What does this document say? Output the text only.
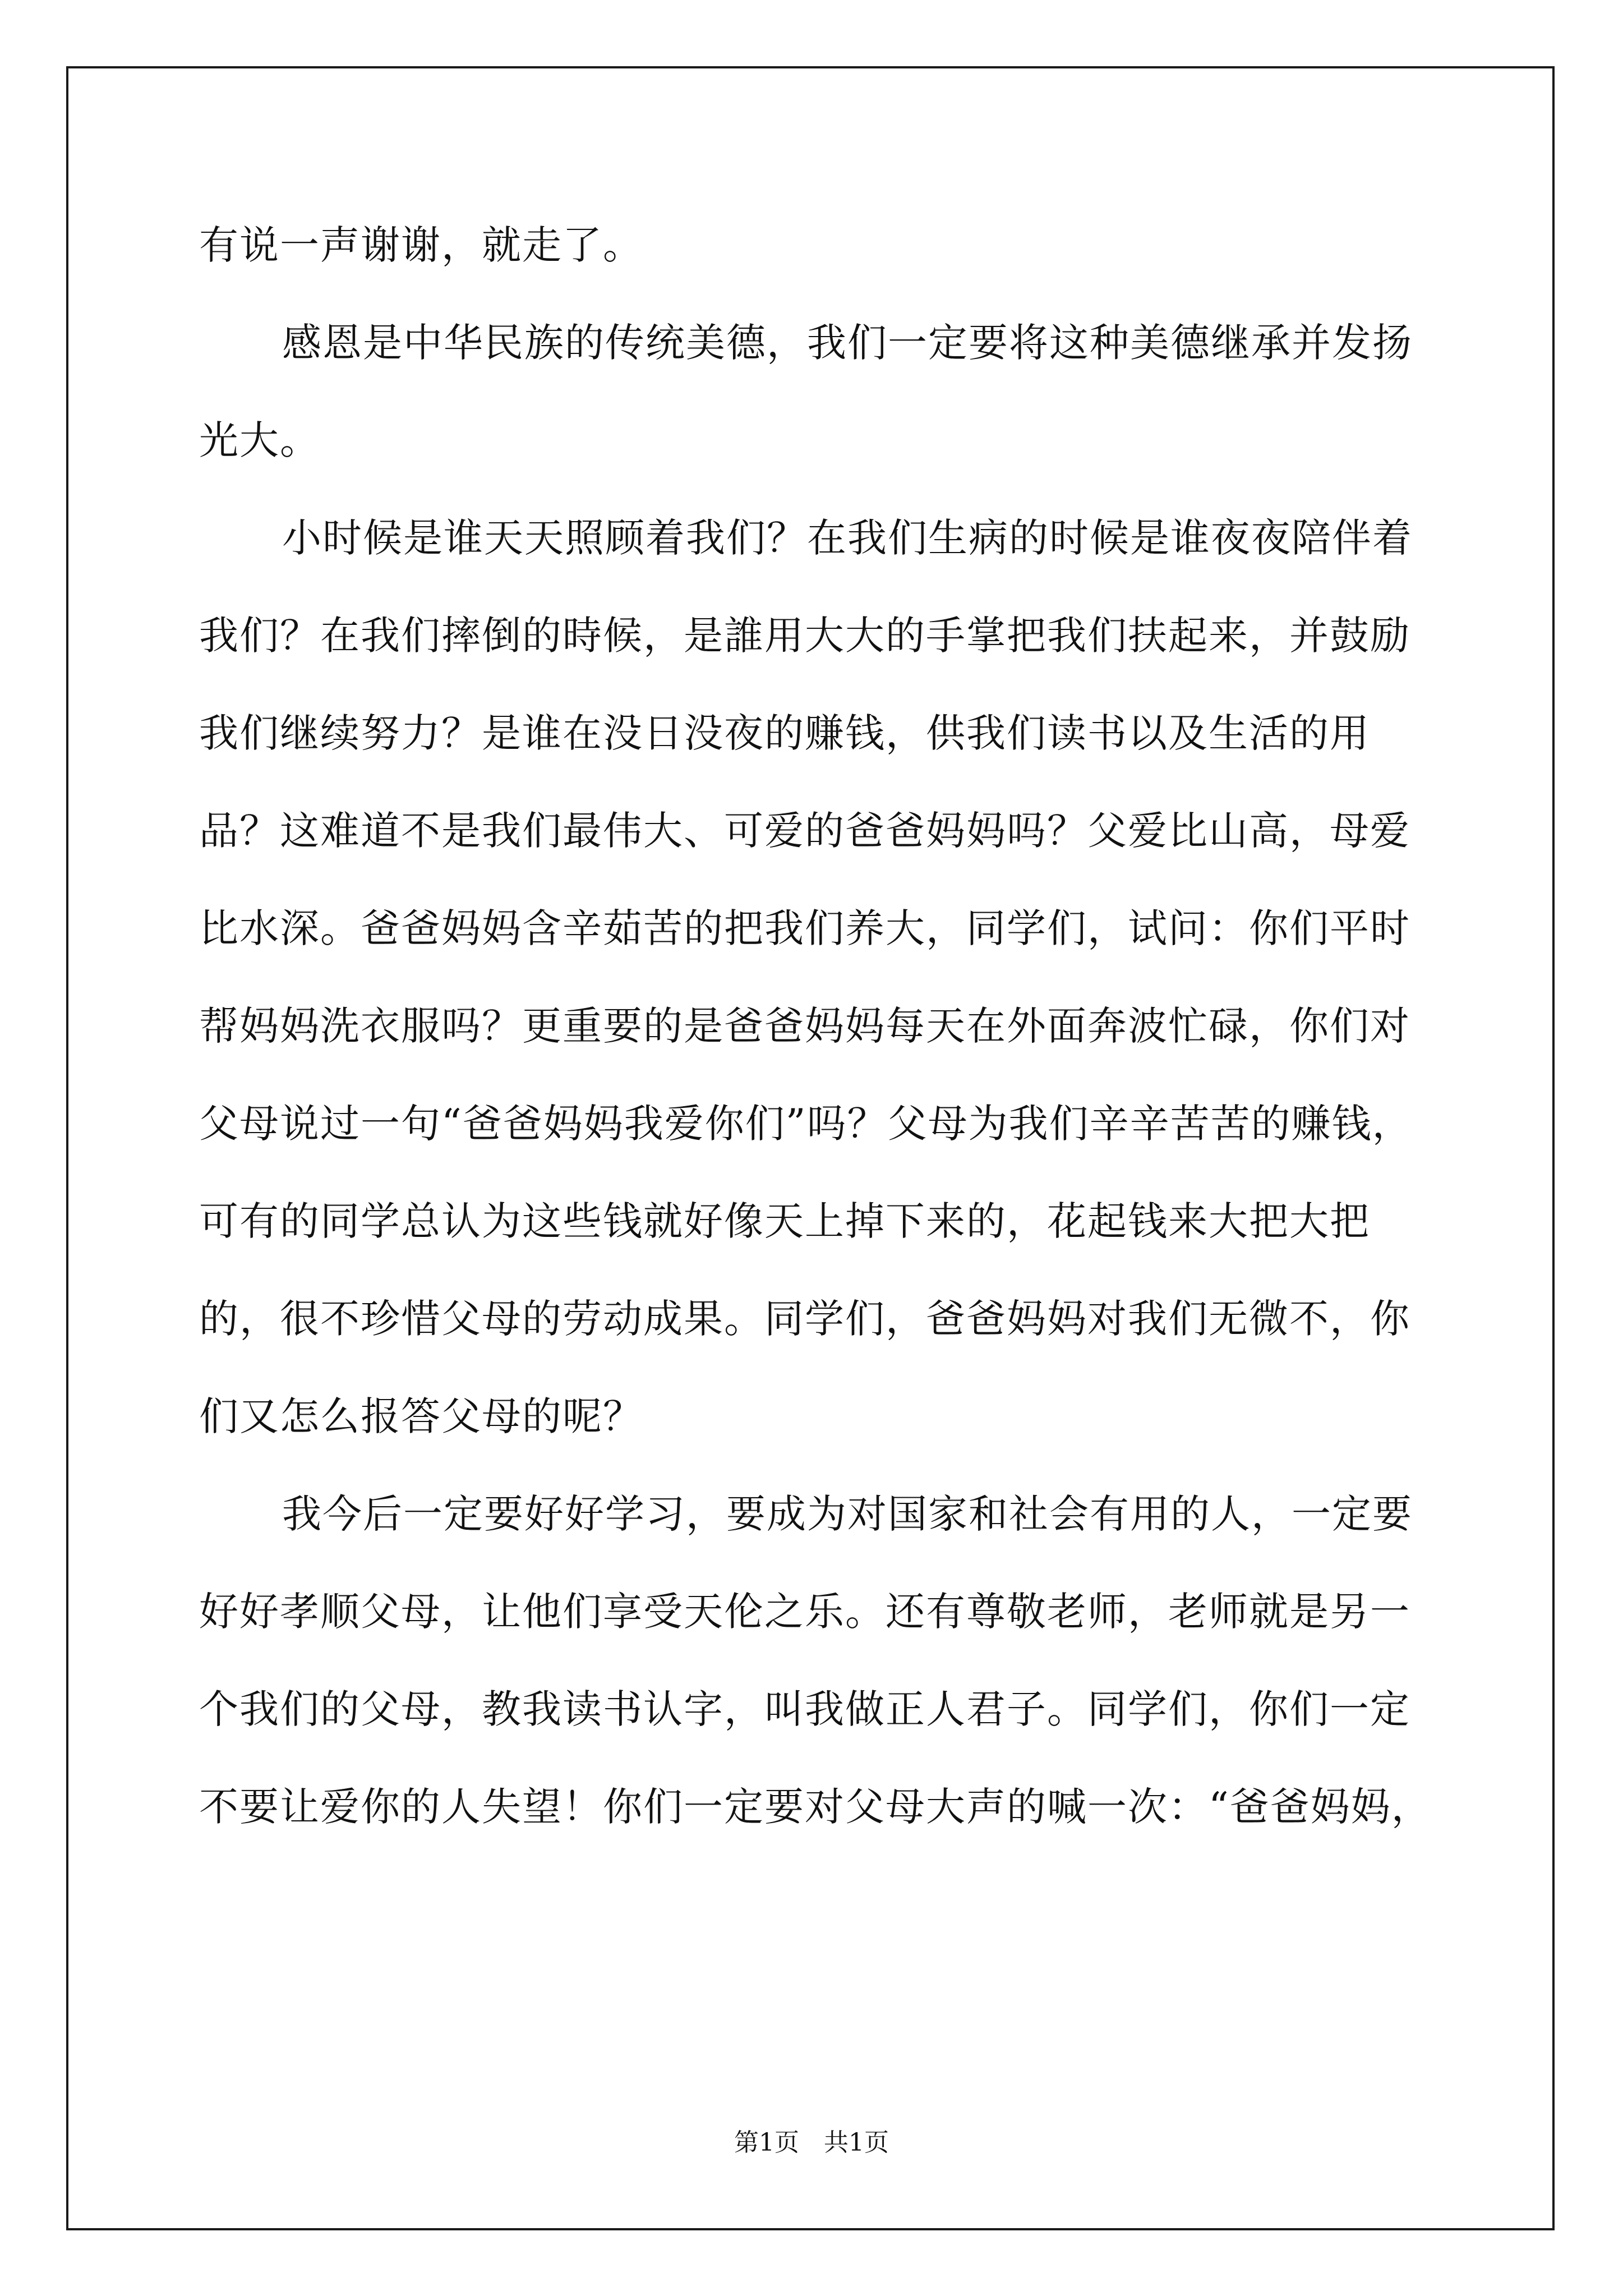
有说一声谢谢，就走了。

感恩是中华民族的传统美德，我们一定要将这种美德继承并发扬光大。

小时候是谁天天照顾着我们？在我们生病的时候是谁夜夜陪伴着我们？在我们摔倒的時候，是誰用大大的手掌把我们扶起来，并鼓励我们继续努力？是谁在没日没夜的赚钱，供我们读书以及生活的用品？这难道不是我们最伟大、可爱的爸爸妈妈吗？父爱比山高，母爱比水深。爸爸妈妈含辛茹苦的把我们养大，同学们，试问：你们平时帮妈妈洗衣服吗？更重要的是爸爸妈妈每天在外面奔波忙碌，你们对父母说过一句“爸爸妈妈我爱你们”吗？父母为我们辛辛苦苦的赚钱，可有的同学总认为这些钱就好像天上掉下来的，花起钱来大把大把的，很不珍惜父母的劳动成果。同学们，爸爸妈妈对我们无微不，你们又怎么报答父母的呢？

我今后一定要好好学习，要成为对国家和社会有用的人，一定要好好孝顺父母，让他们享受天伦之乐。还有尊敬老师，老师就是另一个我们的父母，教我读书认字，叫我做正人君子。同学们，你们一定不要让爱你的人失望！你们一定要对父母大声的喊一次：“爸爸妈妈，

第1页　共1页
